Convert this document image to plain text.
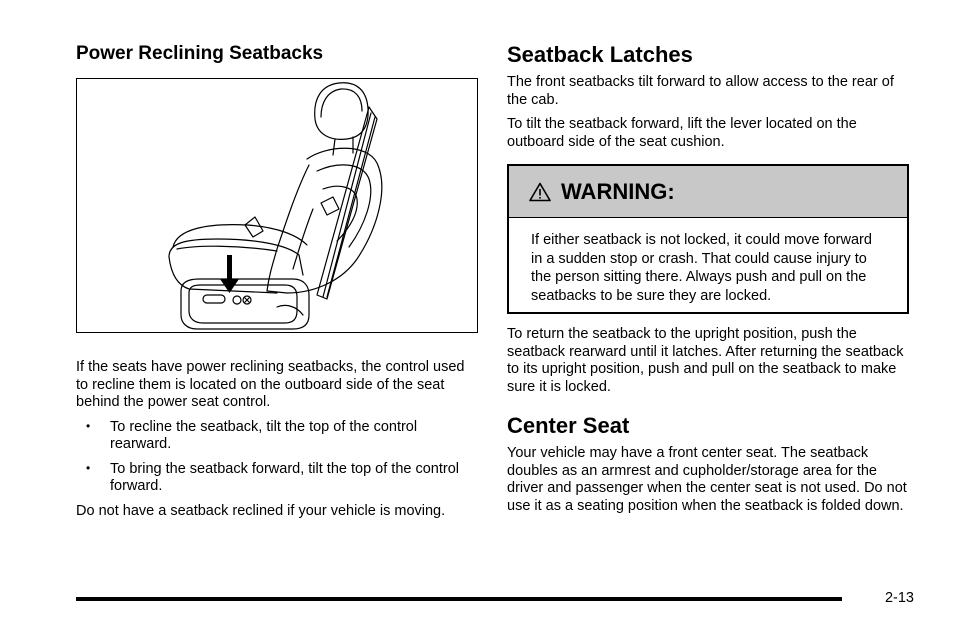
Power Reclining Seatbacks

If the seats have power reclining seatbacks, the control used to recline them is located on the outboard side of the seat behind the power seat control.

• To recline the seatback, tilt the top of the control rearward.
• To bring the seatback forward, tilt the top of the control forward.

Do not have a seatback reclined if your vehicle is moving.

Seatback Latches

The front seatbacks tilt forward to allow access to the rear of the cab.

To tilt the seatback forward, lift the lever located on the outboard side of the seat cushion.

WARNING:

If either seatback is not locked, it could move forward in a sudden stop or crash. That could cause injury to the person sitting there. Always push and pull on the seatbacks to be sure they are locked.

To return the seatback to the upright position, push the seatback rearward until it latches. After returning the seatback to its upright position, push and pull on the seatback to make sure it is locked.

Center Seat

Your vehicle may have a front center seat. The seatback doubles as an armrest and cupholder/storage area for the driver and passenger when the center seat is not used. Do not use it as a seating position when the seatback is folded down.

2-13
